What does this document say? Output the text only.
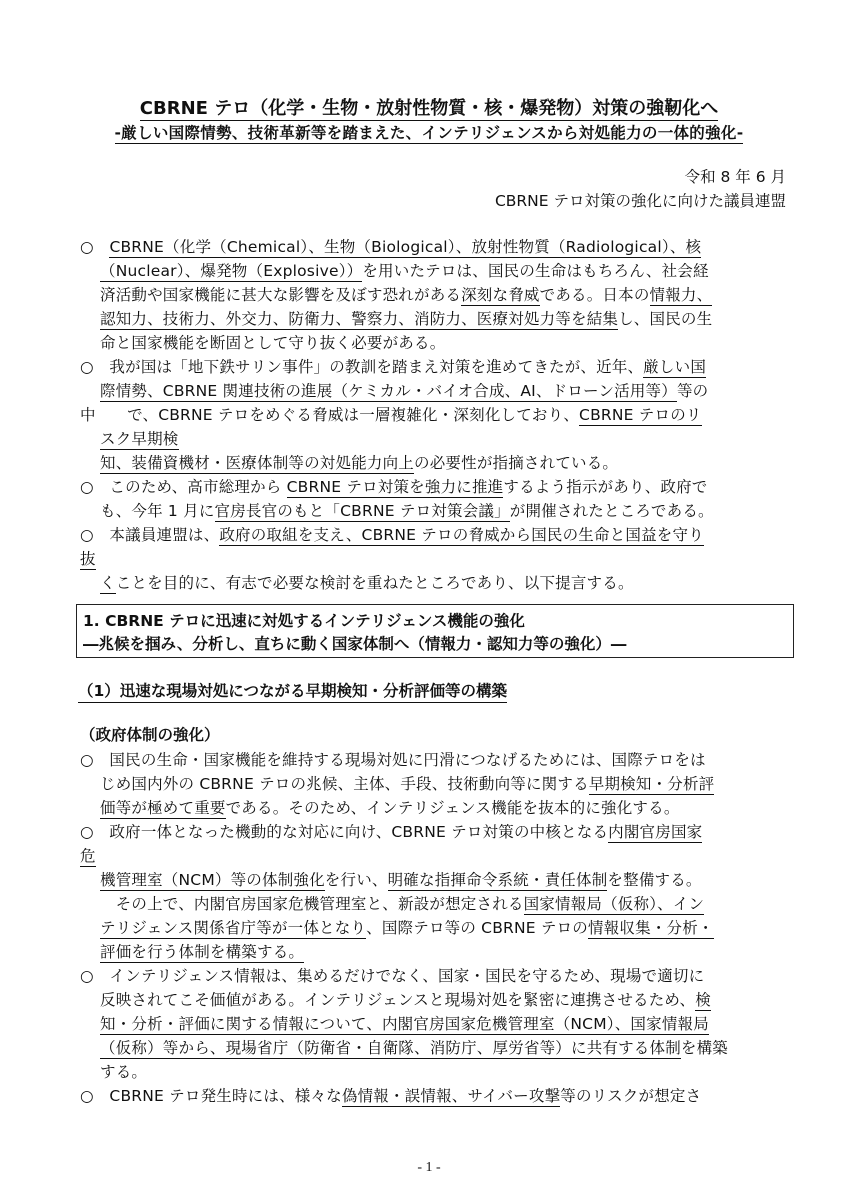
CBRNE テロ（化学・生物・放射性物質・核・爆発物）対策の強靭化へ
-厳しい国際情勢、技術革新等を踏まえた、インテリジェンスから対処能力の一体的強化-
令和 8 年 6 月
CBRNE テロ対策の強化に向けた議員連盟
○　CBRNE（化学（Chemical）、生物（Biological）、放射性物質（Radiological）、核
（Nuclear）、爆発物（Explosive））を用いたテロは、国民の生命はもちろん、社会経
済活動や国家機能に甚大な影響を及ぼす恐れがある深刻な脅威である。日本の情報力、
認知力、技術力、外交力、防衛力、警察力、消防力、医療対処力等を結集し、国民の生
命と国家機能を断固として守り抜く必要がある。
○　我が国は「地下鉄サリン事件」の教訓を踏まえ対策を進めてきたが、近年、厳しい国
際情勢、CBRNE 関連技術の進展（ケミカル・バイオ合成、AI、ドローン活用等）等の
中　　で、CBRNE テロをめぐる脅威は一層複雑化・深刻化しており、CBRNE テロのリ
スク早期検
知、装備資機材・医療体制等の対処能力向上の必要性が指摘されている。
○　このため、高市総理から CBRNE テロ対策を強力に推進するよう指示があり、政府で
も、今年 1 月に官房長官のもと「CBRNE テロ対策会議」が開催されたところである。
○　本議員連盟は、政府の取組を支え、CBRNE テロの脅威から国民の生命と国益を守り
抜
くことを目的に、有志で必要な検討を重ねたところであり、以下提言する。
1. CBRNE テロに迅速に対処するインテリジェンス機能の強化
―兆候を掴み、分析し、直ちに動く国家体制へ（情報力・認知力等の強化）―
（1）迅速な現場対処につながる早期検知・分析評価等の構築
（政府体制の強化）
○　国民の生命・国家機能を維持する現場対処に円滑につなげるためには、国際テロをは
じめ国内外の CBRNE テロの兆候、主体、手段、技術動向等に関する早期検知・分析評
価等が極めて重要である。そのため、インテリジェンス機能を抜本的に強化する。
○　政府一体となった機動的な対応に向け、CBRNE テロ対策の中核となる内閣官房国家
危
機管理室（NCM）等の体制強化を行い、明確な指揮命令系統・責任体制を整備する。
　その上で、内閣官房国家危機管理室と、新設が想定される国家情報局（仮称）、イン
テリジェンス関係省庁等が一体となり、国際テロ等の CBRNE テロの情報収集・分析・
評価を行う体制を構築する。
○　インテリジェンス情報は、集めるだけでなく、国家・国民を守るため、現場で適切に
反映されてこそ価値がある。インテリジェンスと現場対処を緊密に連携させるため、検
知・分析・評価に関する情報について、内閣官房国家危機管理室（NCM）、国家情報局
（仮称）等から、現場省庁（防衛省・自衛隊、消防庁、厚労省等）に共有する体制を構築
する。
○　CBRNE テロ発生時には、様々な偽情報・誤情報、サイバー攻撃等のリスクが想定さ
- 1 -
